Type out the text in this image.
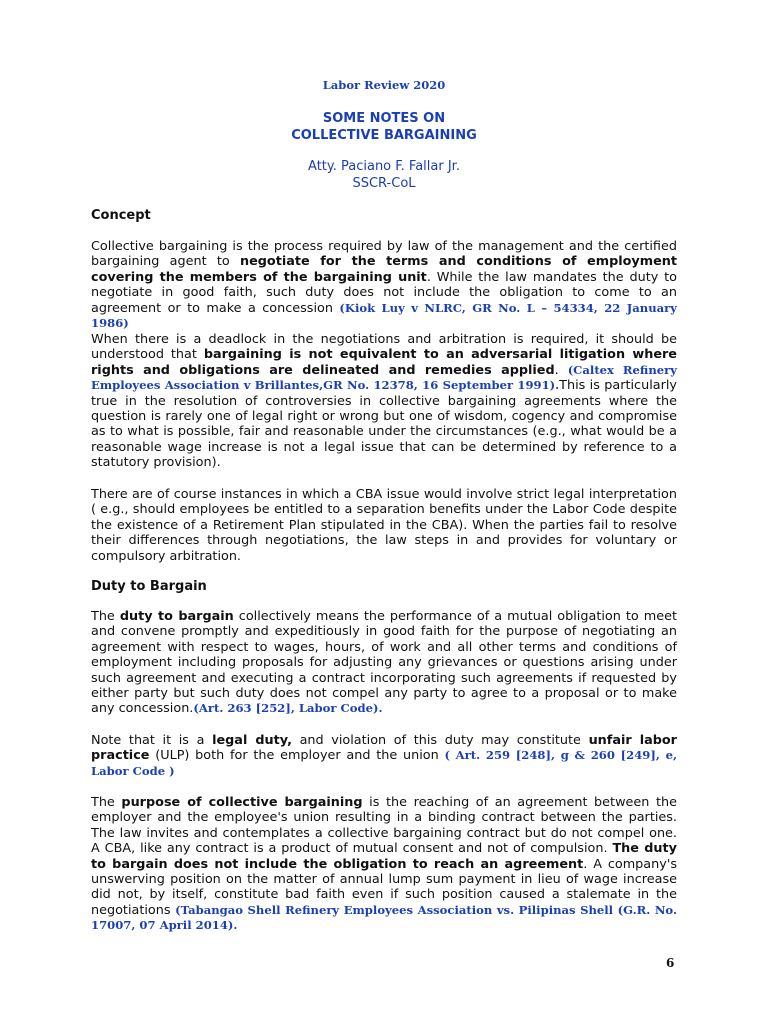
Labor Review 2020
SOME NOTES ON
COLLECTIVE BARGAINING
Atty. Paciano F. Fallar Jr.
SSCR-CoL
Concept
Collective bargaining is the process required by law of the management and the certified bargaining agent to negotiate for the terms and conditions of employment covering the members of the bargaining unit. While the law mandates the duty to negotiate in good faith, such duty does not include the obligation to come to an agreement or to make a concession (Kiok Luy v NLRC, GR No. L – 54334, 22 January 1986)
When there is a deadlock in the negotiations and arbitration is required, it should be understood that bargaining is not equivalent to an adversarial litigation where rights and obligations are delineated and remedies applied. (Caltex Refinery Employees Association v Brillantes,GR No. 12378, 16 September 1991).This is particularly true in the resolution of controversies in collective bargaining agreements where the question is rarely one of legal right or wrong but one of wisdom, cogency and compromise as to what is possible, fair and reasonable under the circumstances (e.g., what would be a reasonable wage increase is not a legal issue that can be determined by reference to a statutory provision).
There are of course instances in which a CBA issue would involve strict legal interpretation ( e.g., should employees be entitled to a separation benefits under the Labor Code despite the existence of a Retirement Plan stipulated in the CBA). When the parties fail to resolve their differences through negotiations, the law steps in and provides for voluntary or compulsory arbitration.
Duty to Bargain
The duty to bargain collectively means the performance of a mutual obligation to meet and convene promptly and expeditiously in good faith for the purpose of negotiating an agreement with respect to wages, hours, of work and all other terms and conditions of employment including proposals for adjusting any grievances or questions arising under such agreement and executing a contract incorporating such agreements if requested by either party but such duty does not compel any party to agree to a proposal or to make any concession.(Art. 263 [252], Labor Code).
Note that it is a legal duty, and violation of this duty may constitute unfair labor practice (ULP) both for the employer and the union ( Art. 259 [248], g & 260 [249], e, Labor Code )
The purpose of collective bargaining is the reaching of an agreement between the employer and the employee's union resulting in a binding contract between the parties. The law invites and contemplates a collective bargaining contract but do not compel one. A CBA, like any contract is a product of mutual consent and not of compulsion. The duty to bargain does not include the obligation to reach an agreement. A company's unswerving position on the matter of annual lump sum payment in lieu of wage increase did not, by itself, constitute bad faith even if such position caused a stalemate in the negotiations (Tabangao Shell Refinery Employees Association vs. Pilipinas Shell (G.R. No. 17007, 07 April 2014).
6
